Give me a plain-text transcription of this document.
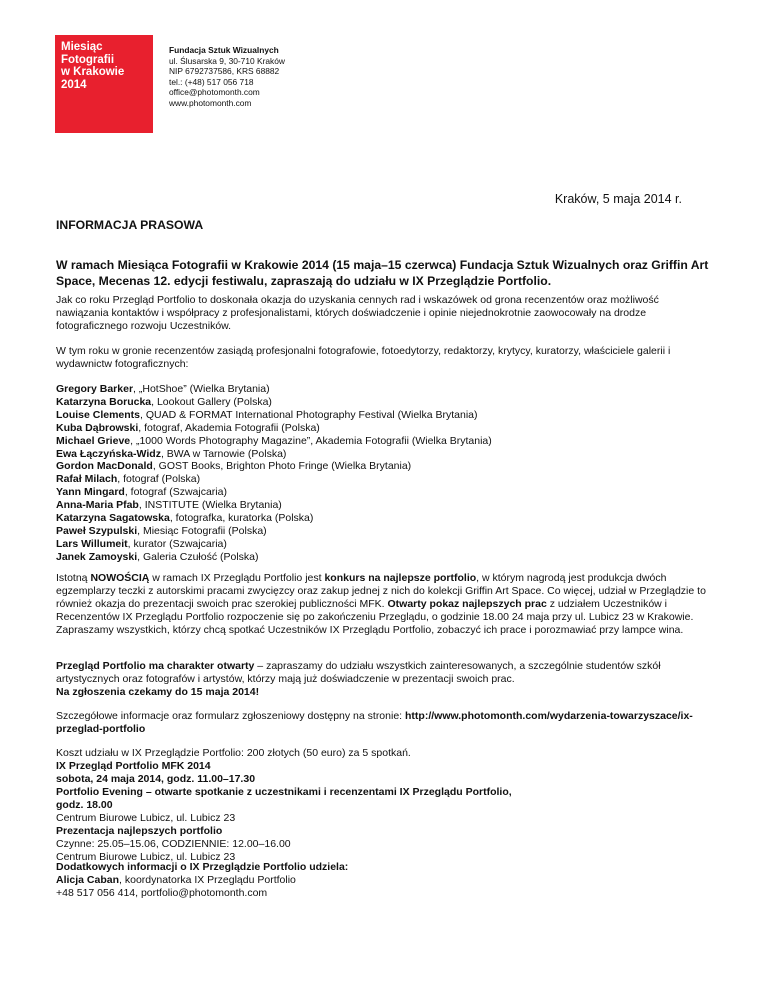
Miesiąc
Fotografii
w Krakowie
2014
Fundacja Sztuk Wizualnych
ul. Ślusarska 9, 30-710 Kraków
NIP 6792737586, KRS 68882
tel.: (+48) 517 056 718
office@photomonth.com
www.photomonth.com
Kraków, 5 maja 2014 r.
INFORMACJA PRASOWA
W ramach Miesiąca Fotografii w Krakowie 2014 (15 maja–15 czerwca) Fundacja Sztuk Wizualnych oraz Griffin Art Space, Mecenas 12. edycji festiwalu, zapraszają do udziału w IX Przeglądzie Portfolio.
Jak co roku Przegląd Portfolio to doskonała okazja do uzyskania cennych rad i wskazówek od grona recenzentów oraz możliwość nawiązania kontaktów i współpracy z profesjonalistami, których doświadczenie i opinie niejednokrotnie zaowocowały na drodze fotograficznego rozwoju Uczestników.
W tym roku w gronie recenzentów zasiądą profesjonalni fotografowie, fotoedytorzy, redaktorzy, krytycy, kuratorzy, właściciele galerii i wydawnictw fotograficznych:
Gregory Barker, „HotShoe” (Wielka Brytania)
Katarzyna Borucka, Lookout Gallery (Polska)
Louise Clements, QUAD & FORMAT International Photography Festival (Wielka Brytania)
Kuba Dąbrowski, fotograf, Akademia Fotografii (Polska)
Michael Grieve, „1000 Words Photography Magazine”, Akademia Fotografii (Wielka Brytania)
Ewa Łączyńska-Widz, BWA w Tarnowie (Polska)
Gordon MacDonald, GOST Books, Brighton Photo Fringe (Wielka Brytania)
Rafał Milach, fotograf (Polska)
Yann Mingard, fotograf (Szwajcaria)
Anna-Maria Pfab, INSTITUTE (Wielka Brytania)
Katarzyna Sagatowska, fotografka, kuratorka (Polska)
Paweł Szypulski, Miesiąc Fotografii (Polska)
Lars Willumeit, kurator (Szwajcaria)
Janek Zamoyski, Galeria Czułość (Polska)
Istotną NOWOŚCIĄ w ramach IX Przeglądu Portfolio jest konkurs na najlepsze portfolio, w którym nagrodą jest produkcja dwóch egzemplarzy teczki z autorskimi pracami zwycięzcy oraz zakup jednej z nich do kolekcji Griffin Art Space. Co więcej, udział w Przeglądzie to również okazja do prezentacji swoich prac szerokiej publiczności MFK. Otwarty pokaz najlepszych prac z udziałem Uczestników i Recenzentów IX Przeglądu Portfolio rozpoczenie się po zakończeniu Przeglądu, o godzinie 18.00 24 maja przy ul. Lubicz 23 w Krakowie. Zapraszamy wszystkich, którzy chcą spotkać Uczestników IX Przeglądu Portfolio, zobaczyć ich prace i porozmawiać przy lampce wina.
Przegląd Portfolio ma charakter otwarty – zapraszamy do udziału wszystkich zainteresowanych, a szczególnie studentów szkół artystycznych oraz fotografów i artystów, którzy mają już doświadczenie w prezentacji swoich prac.
Na zgłoszenia czekamy do 15 maja 2014!
Szczegółowe informacje oraz formularz zgłoszeniowy dostępny na stronie: http://www.photomonth.com/wydarzenia-towarzyszace/ix-przeglad-portfolio
Koszt udziału w IX Przeglądzie Portfolio: 200 złotych (50 euro) za 5 spotkań.
IX Przegląd Portfolio MFK 2014
sobota, 24 maja 2014, godz. 11.00–17.30
Portfolio Evening – otwarte spotkanie z uczestnikami i recenzentami IX Przeglądu Portfolio, godz. 18.00
Centrum Biurowe Lubicz, ul. Lubicz 23
Prezentacja najlepszych portfolio
Czynne: 25.05–15.06, CODZIENNIE: 12.00–16.00
Centrum Biurowe Lubicz, ul. Lubicz 23
Dodatkowych informacji o IX Przeglądzie Portfolio udziela:
Alicja Caban, koordynatorka IX Przeglądu Portfolio
+48 517 056 414, portfolio@photomonth.com
